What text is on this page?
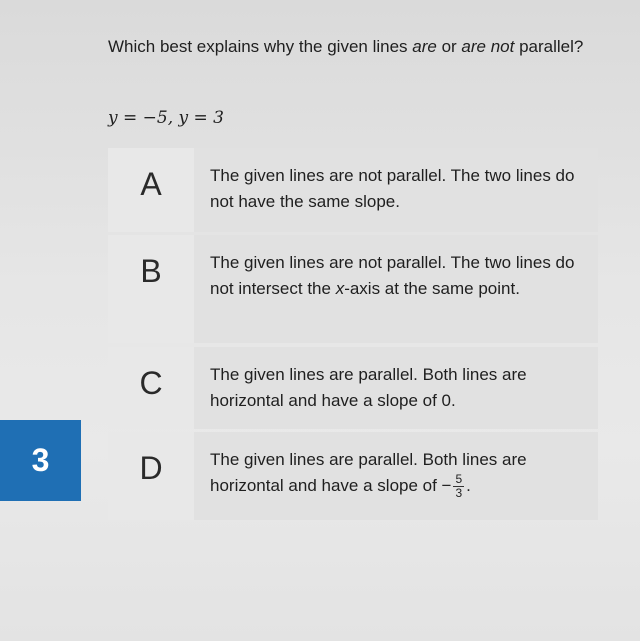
Which best explains why the given lines are or are not parallel?
y = −5, y = 3
A	The given lines are not parallel. The two lines do not have the same slope.
B	The given lines are not parallel. The two lines do not intersect the x-axis at the same point.
C	The given lines are parallel. Both lines are horizontal and have a slope of 0.
D	The given lines are parallel. Both lines are horizontal and have a slope of − $\frac{5}{3}$ .
3
